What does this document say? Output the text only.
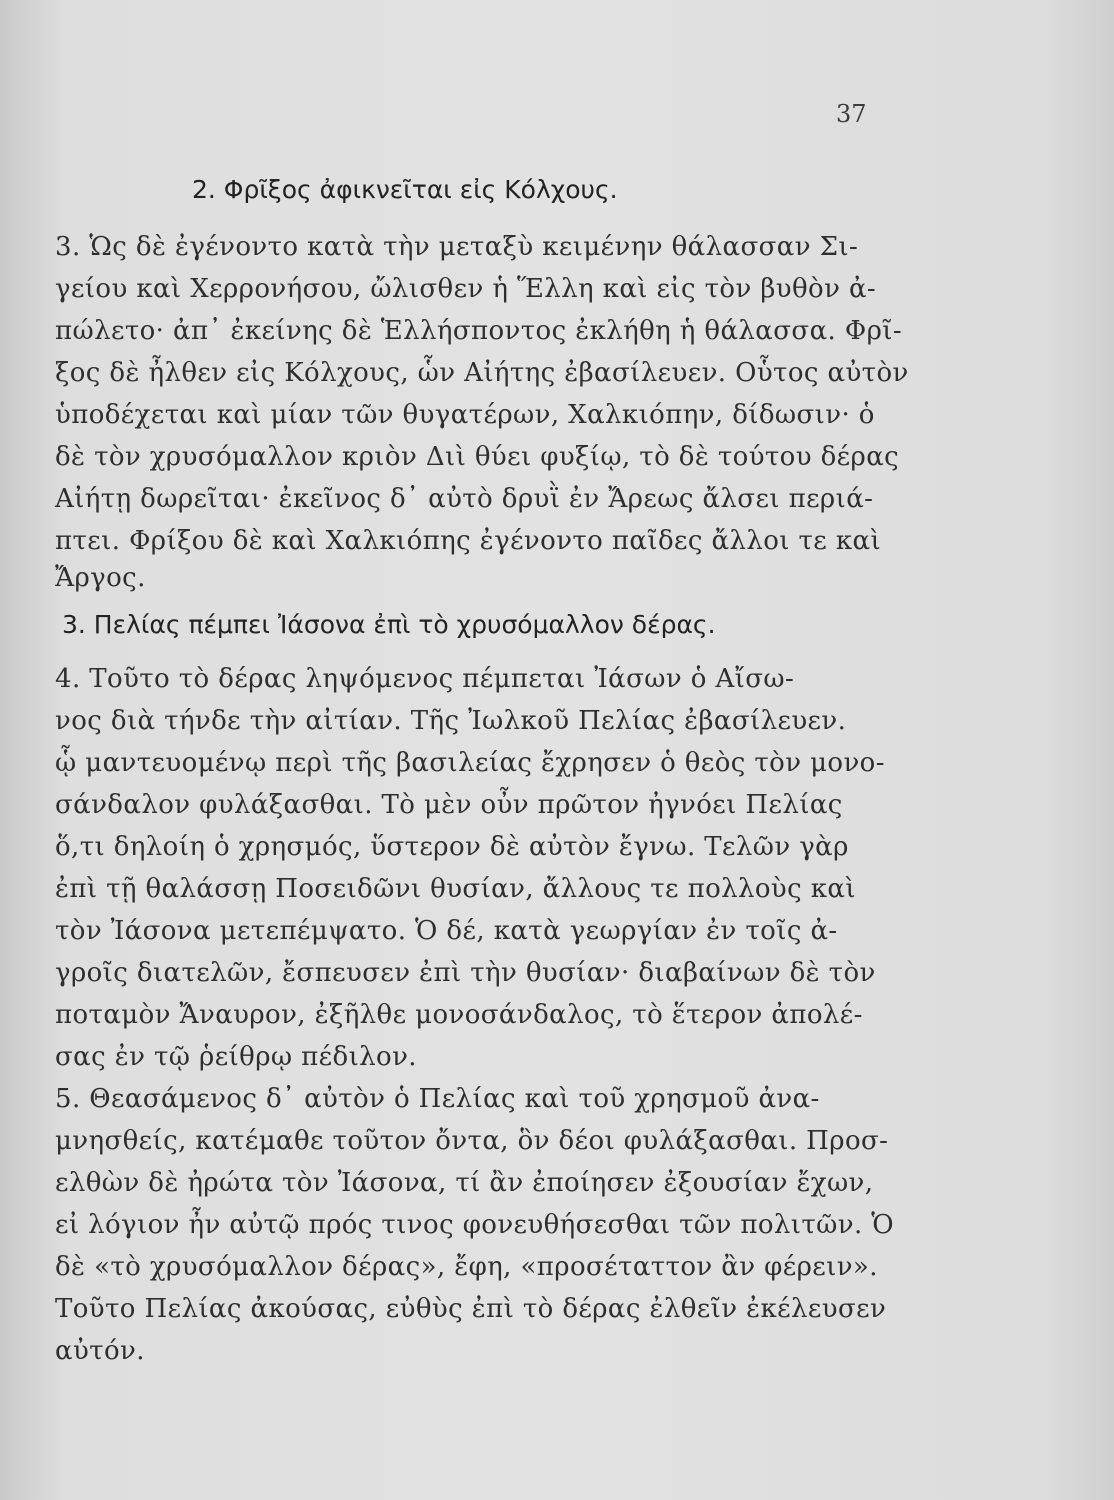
37
2. Φρῖξος ἀφικνεῖται εἰς Κόλχους.
3. Ὡς δὲ ἐγένοντο κατὰ τὴν μεταξὺ κειμένην θάλασσαν Σι-
γείου καὶ Χερρονήσου, ὤλισθεν ἡ Ἕλλη καὶ εἰς τὸν βυθὸν ἀ-
πώλετο· ἀπ᾽ ἐκείνης δὲ Ἑλλήσποντος ἐκλήθη ἡ θάλασσα. Φρῖ-
ξος δὲ ἦλθεν εἰς Κόλχους, ὧν Αἰήτης ἐβασίλευεν. Οὗτος αὐτὸν
ὑποδέχεται καὶ μίαν τῶν θυγατέρων, Χαλκιόπην, δίδωσιν· ὁ
δὲ τὸν χρυσόμαλλον κριὸν Διὶ θύει φυξίῳ, τὸ δὲ τούτου δέρας
Αἰήτῃ δωρεῖται· ἐκεῖνος δ᾽ αὐτὸ δρυῒ ἐν Ἄρεως ἄλσει περιά-
πτει. Φρίξου δὲ καὶ Χαλκιόπης ἐγένοντο παῖδες ἄλλοι τε καὶ
Ἄργος.
3. Πελίας πέμπει Ἰάσονα ἐπὶ τὸ χρυσόμαλλον δέρας.
4. Τοῦτο τὸ δέρας ληψόμενος πέμπεται Ἰάσων ὁ Αἴσω-
νος διὰ τήνδε τὴν αἰτίαν. Τῆς Ἰωλκοῦ Πελίας ἐβασίλευεν.
ᾧ μαντευομένῳ περὶ τῆς βασιλείας ἔχρησεν ὁ θεὸς τὸν μονο-
σάνδαλον φυλάξασθαι. Τὸ μὲν οὖν πρῶτον ἠγνόει Πελίας
ὅ,τι δηλοίη ὁ χρησμός, ὕστερον δὲ αὐτὸν ἔγνω. Τελῶν γὰρ
ἐπὶ τῇ θαλάσσῃ Ποσειδῶνι θυσίαν, ἄλλους τε πολλοὺς καὶ
τὸν Ἰάσονα μετεπέμψατο. Ὁ δέ, κατὰ γεωργίαν ἐν τοῖς ἀ-
γροῖς διατελῶν, ἔσπευσεν ἐπὶ τὴν θυσίαν· διαβαίνων δὲ τὸν
ποταμὸν Ἄναυρον, ἐξῆλθε μονοσάνδαλος, τὸ ἕτερον ἀπολέ-
σας ἐν τῷ ῥείθρῳ πέδιλον.
5. Θεασάμενος δ᾽ αὐτὸν ὁ Πελίας καὶ τοῦ χρησμοῦ ἀνα-
μνησθείς, κατέμαθε τοῦτον ὄντα, ὃν δέοι φυλάξασθαι. Προσ-
ελθὼν δὲ ἠρώτα τὸν Ἰάσονα, τί ἂν ἐποίησεν ἐξουσίαν ἔχων,
εἰ λόγιον ἦν αὐτῷ πρός τινος φονευθήσεσθαι τῶν πολιτῶν. Ὁ
δὲ «τὸ χρυσόμαλλον δέρας», ἔφη, «προσέταττον ἂν φέρειν».
Τοῦτο Πελίας ἀκούσας, εὐθὺς ἐπὶ τὸ δέρας ἐλθεῖν ἐκέλευσεν
αὐτόν.
